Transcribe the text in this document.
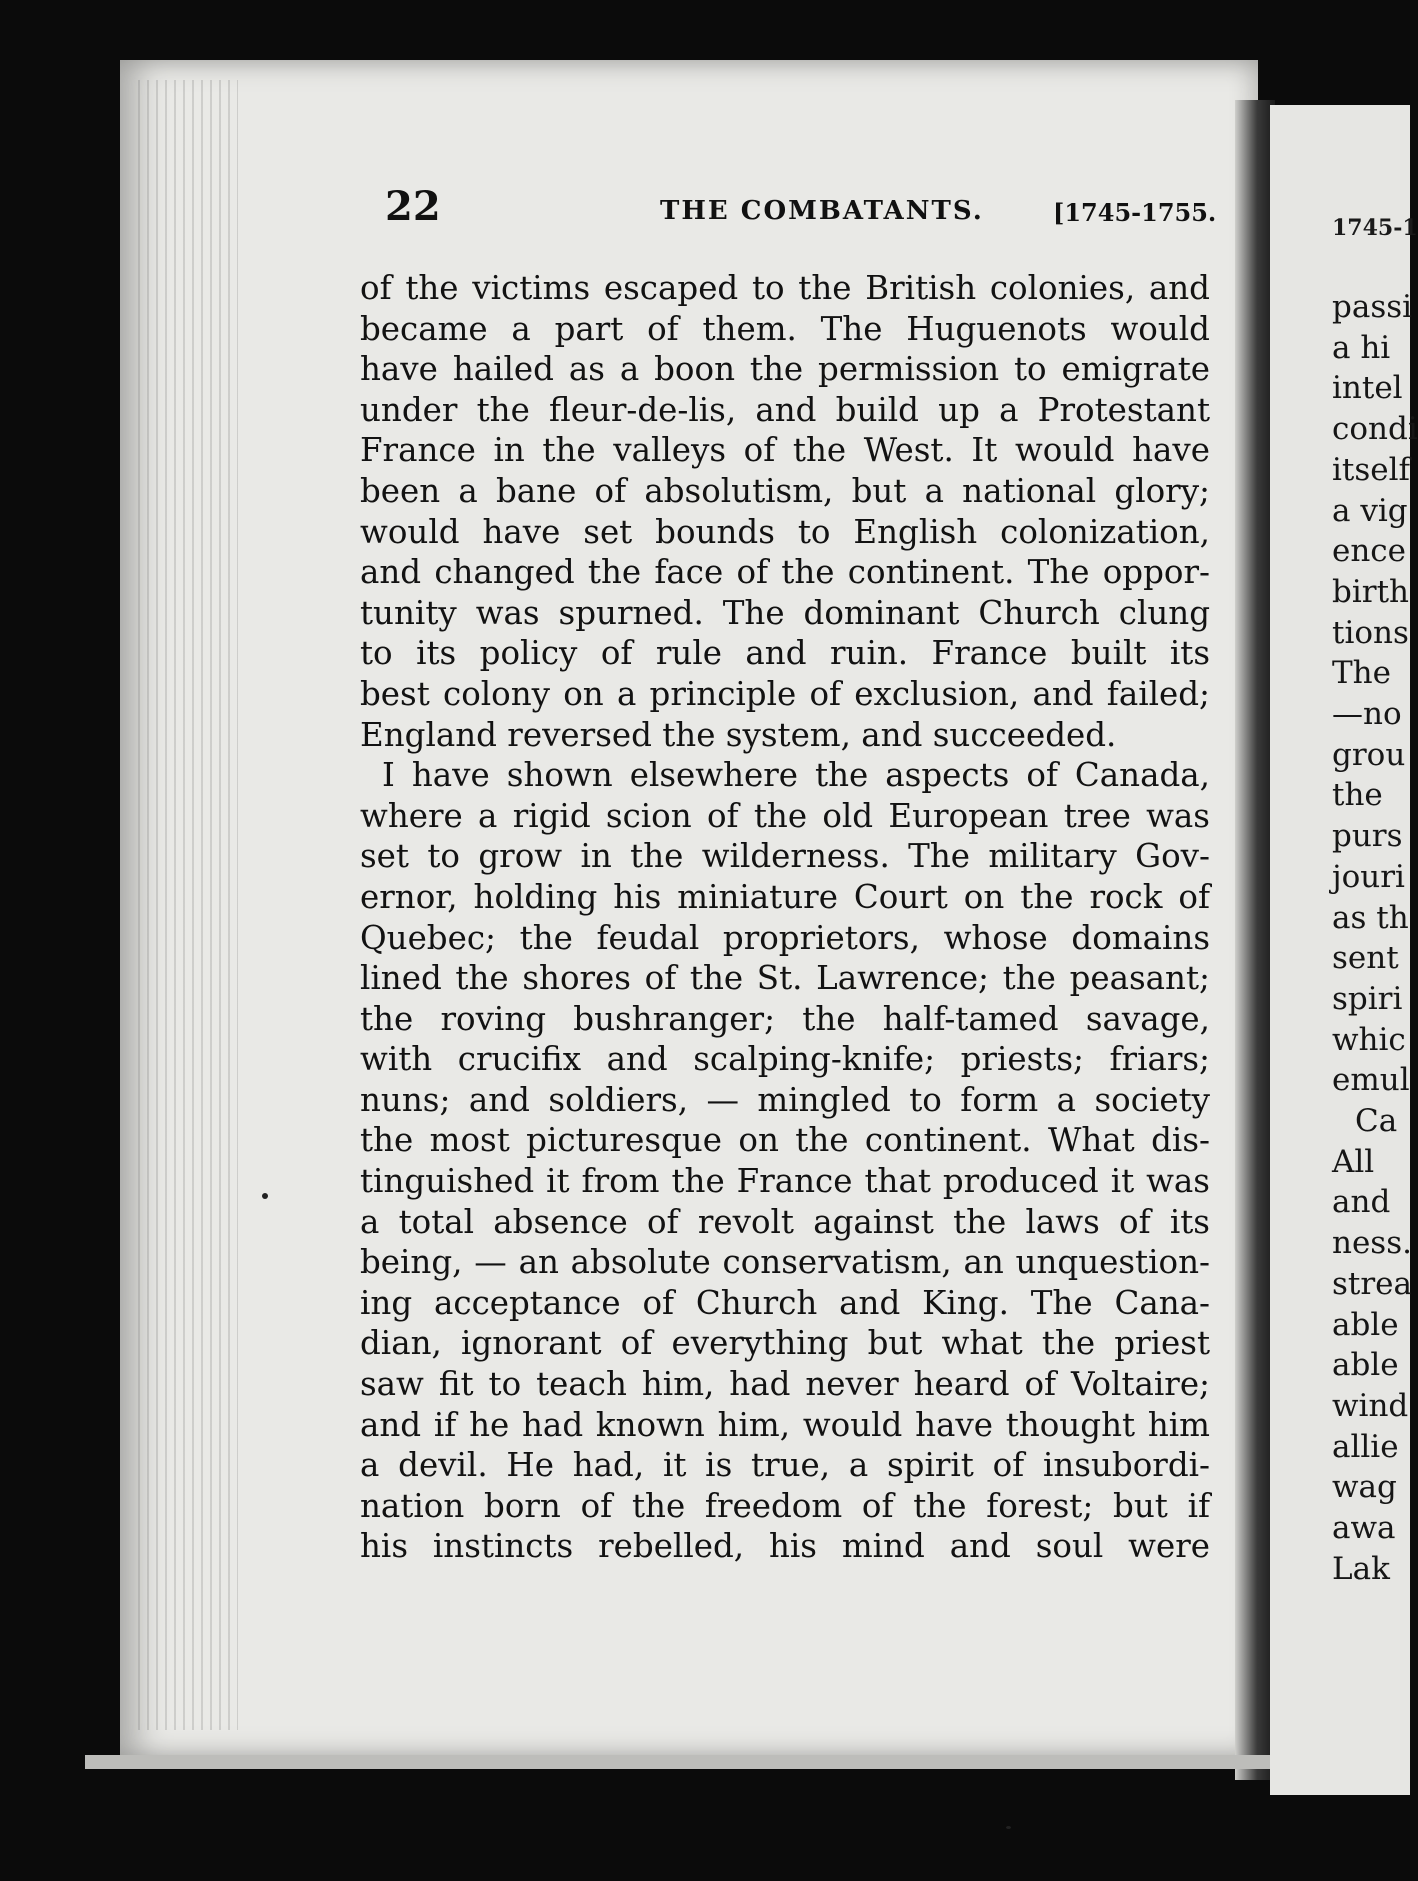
22	THE COMBATANTS.	[1745-1755.
of the victims escaped to the British colonies, and
became a part of them. The Huguenots would
have hailed as a boon the permission to emigrate
under the fleur-de-lis, and build up a Protestant
France in the valleys of the West. It would have
been a bane of absolutism, but a national glory;
would have set bounds to English colonization,
and changed the face of the continent. The oppor-
tunity was spurned. The dominant Church clung
to its policy of rule and ruin. France built its
best colony on a principle of exclusion, and failed;
England reversed the system, and succeeded.
I have shown elsewhere the aspects of Canada,
where a rigid scion of the old European tree was
set to grow in the wilderness. The military Gov-
ernor, holding his miniature Court on the rock of
Quebec; the feudal proprietors, whose domains
lined the shores of the St. Lawrence; the peasant;
the roving bushranger; the half-tamed savage,
with crucifix and scalping-knife; priests; friars;
nuns; and soldiers, — mingled to form a society
the most picturesque on the continent. What dis-
tinguished it from the France that produced it was
a total absence of revolt against the laws of its
being, — an absolute conservatism, an unquestion-
ing acceptance of Church and King. The Cana-
dian, ignorant of everything but what the priest
saw fit to teach him, had never heard of Voltaire;
and if he had known him, would have thought him
a devil. He had, it is true, a spirit of insubordi-
nation born of the freedom of the forest; but if
his instincts rebelled, his mind and soul were
1745-1
passi
a hi
intel
condi
itself
a vig
ence
birth
tions
The
—no
grou
the
purs
jouri
as th
sent
spiri
whic
emul
Ca
All
and
ness.
strea
able
able
wind
allie
wag
awa
Lak
